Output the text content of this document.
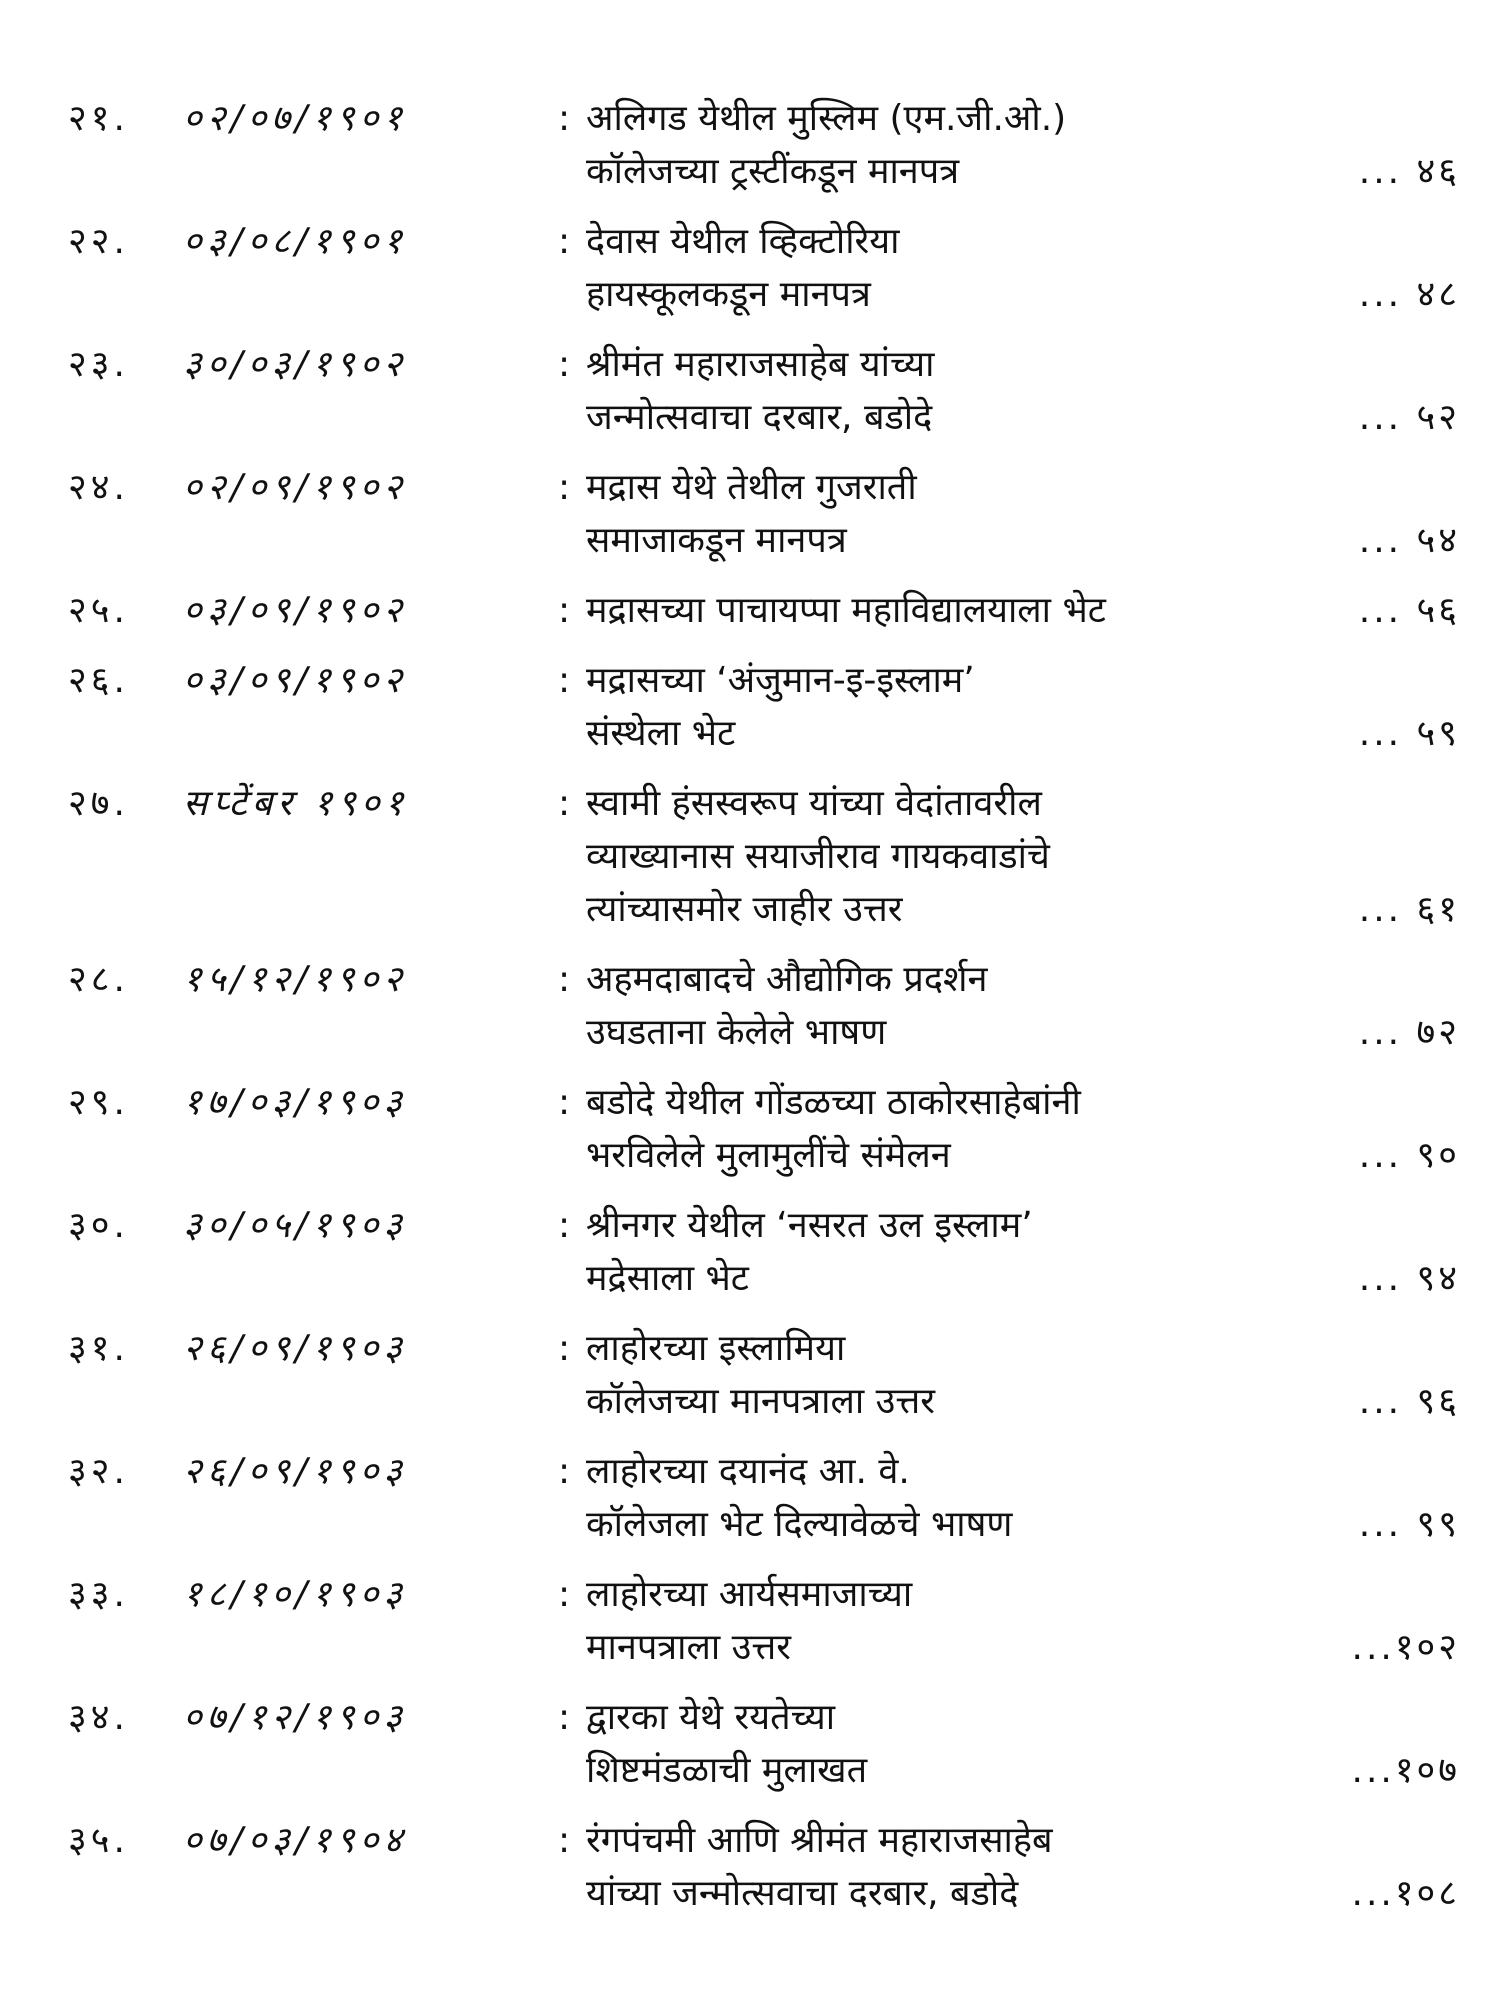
२१.	०२/०७/१९०१	: अलिगड येथील मुस्लिम (एम.जी.ओ.)
कॉलेजच्या ट्रस्टींकडून मानपत्र	... ४६
२२.	०३/०८/१९०१	: देवास येथील व्हिक्टोरिया
हायस्कूलकडून मानपत्र	... ४८
२३.	३०/०३/१९०२	: श्रीमंत महाराजसाहेब यांच्या
जन्मोत्सवाचा दरबार, बडोदे	... ५२
२४.	०२/०९/१९०२	: मद्रास येथे तेथील गुजराती
समाजाकडून मानपत्र	... ५४
२५.	०३/०९/१९०२	: मद्रासच्या पाचायप्पा महाविद्यालयाला भेट	... ५६
२६.	०३/०९/१९०२	: मद्रासच्या ‘अंजुमान-इ-इस्लाम’
संस्थेला भेट	... ५९
२७.	सप्टेंबर १९०१	: स्वामी हंसस्वरूप यांच्या वेदांतावरील
व्याख्यानास सयाजीराव गायकवाडांचे
त्यांच्यासमोर जाहीर उत्तर	... ६१
२८.	१५/१२/१९०२	: अहमदाबादचे औद्योगिक प्रदर्शन
उघडताना केलेले भाषण	... ७२
२९.	१७/०३/१९०३	: बडोदे येथील गोंडळच्या ठाकोरसाहेबांनी
भरविलेले मुलामुलींचे संमेलन	... ९०
३०.	३०/०५/१९०३	: श्रीनगर येथील ‘नसरत उल इस्लाम’
मद्रेसाला भेट	... ९४
३१.	२६/०९/१९०३	: लाहोरच्या इस्लामिया
कॉलेजच्या मानपत्राला उत्तर	... ९६
३२.	२६/०९/१९०३	: लाहोरच्या दयानंद आ. वे.
कॉलेजला भेट दिल्यावेळचे भाषण	... ९९
३३.	१८/१०/१९०३	: लाहोरच्या आर्यसमाजाच्या
मानपत्राला उत्तर	...१०२
३४.	०७/१२/१९०३	: द्वारका येथे रयतेच्या
शिष्टमंडळाची मुलाखत	...१०७
३५.	०७/०३/१९०४	: रंगपंचमी आणि श्रीमंत महाराजसाहेब
यांच्या जन्मोत्सवाचा दरबार, बडोदे	...१०८
